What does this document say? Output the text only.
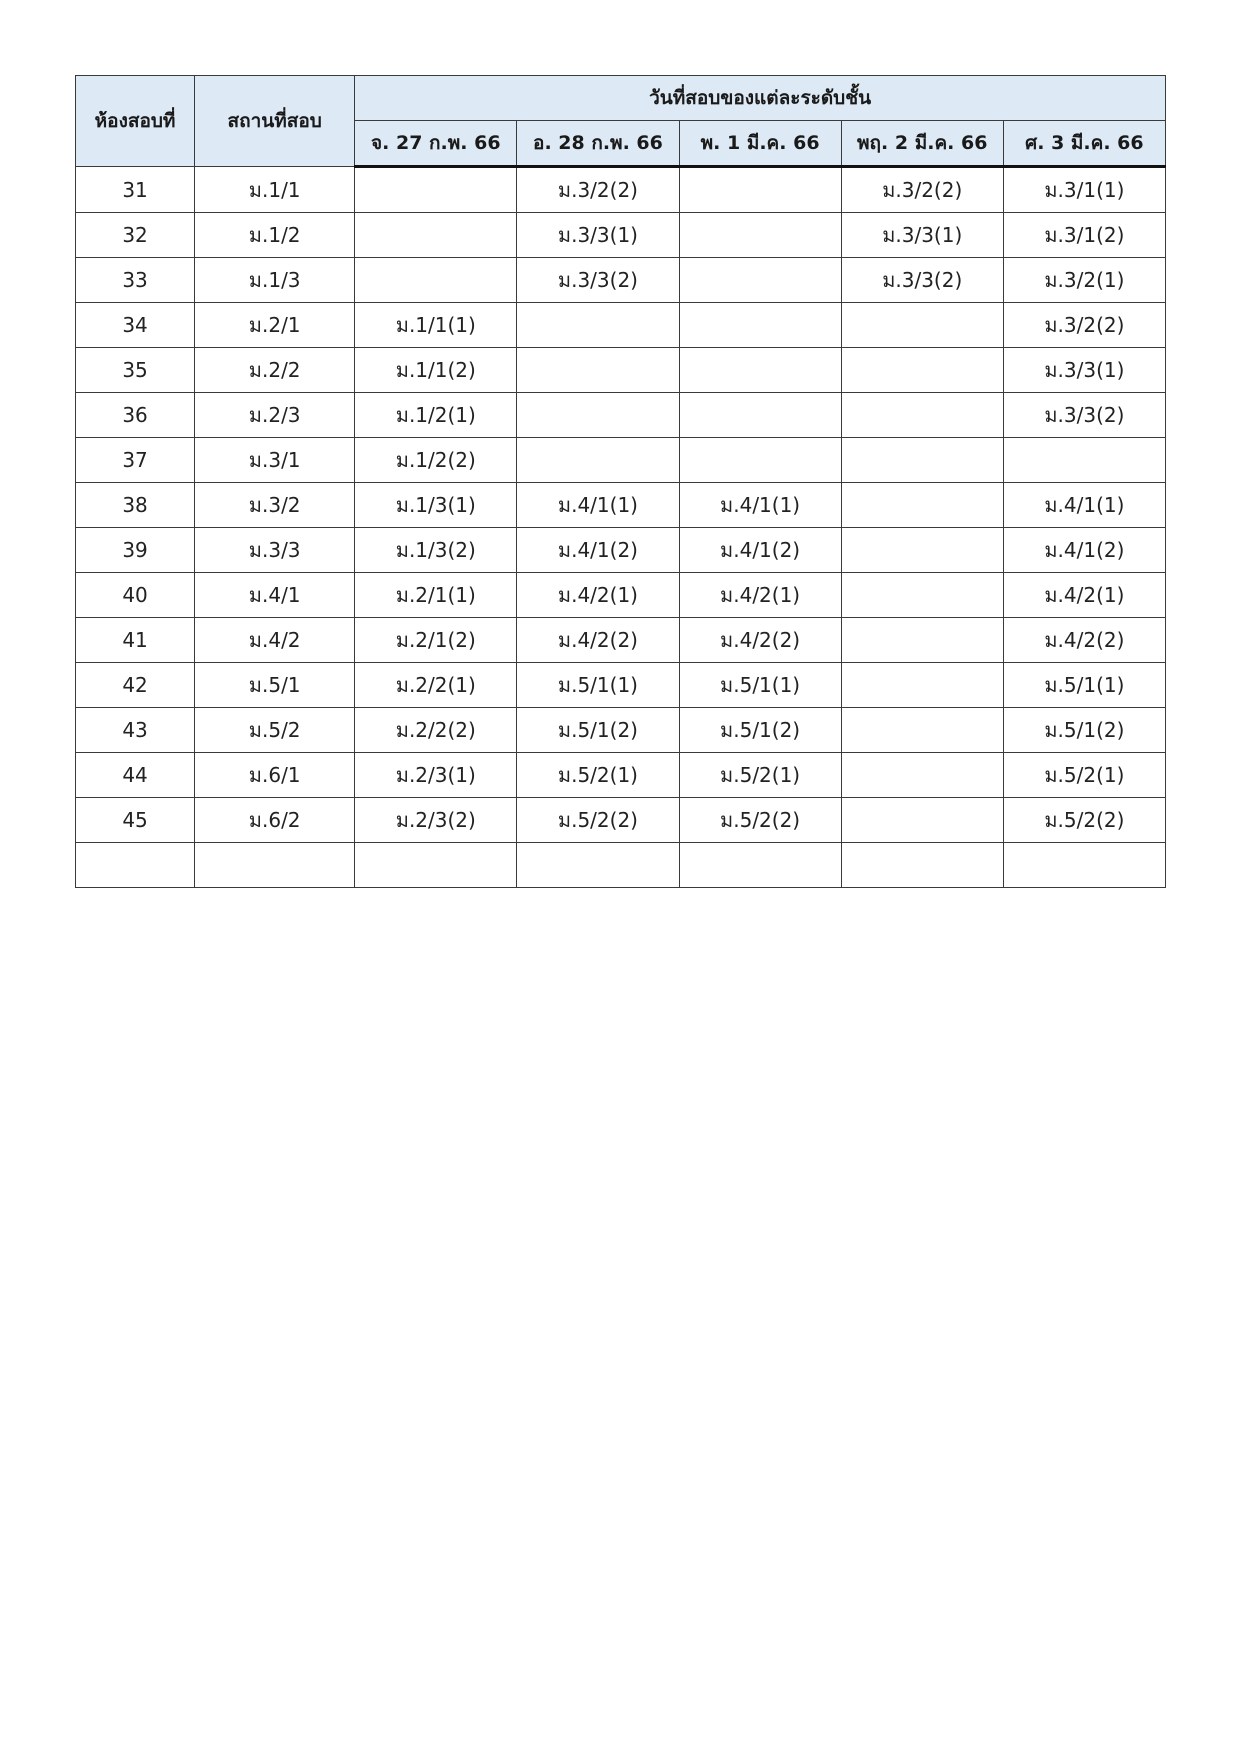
ห้องสอบที่	สถานที่สอบ	วันที่สอบของแต่ละระดับชั้น				
		จ. 27 ก.พ. 66	อ. 28 ก.พ. 66	พ. 1 มี.ค. 66	พฤ. 2 มี.ค. 66	ศ. 3 มี.ค. 66
31	ม.1/1		ม.3/2(2)		ม.3/2(2)	ม.3/1(1)
32	ม.1/2		ม.3/3(1)		ม.3/3(1)	ม.3/1(2)
33	ม.1/3		ม.3/3(2)		ม.3/3(2)	ม.3/2(1)
34	ม.2/1	ม.1/1(1)				ม.3/2(2)
35	ม.2/2	ม.1/1(2)				ม.3/3(1)
36	ม.2/3	ม.1/2(1)				ม.3/3(2)
37	ม.3/1	ม.1/2(2)				
38	ม.3/2	ม.1/3(1)	ม.4/1(1)	ม.4/1(1)		ม.4/1(1)
39	ม.3/3	ม.1/3(2)	ม.4/1(2)	ม.4/1(2)		ม.4/1(2)
40	ม.4/1	ม.2/1(1)	ม.4/2(1)	ม.4/2(1)		ม.4/2(1)
41	ม.4/2	ม.2/1(2)	ม.4/2(2)	ม.4/2(2)		ม.4/2(2)
42	ม.5/1	ม.2/2(1)	ม.5/1(1)	ม.5/1(1)		ม.5/1(1)
43	ม.5/2	ม.2/2(2)	ม.5/1(2)	ม.5/1(2)		ม.5/1(2)
44	ม.6/1	ม.2/3(1)	ม.5/2(1)	ม.5/2(1)		ม.5/2(1)
45	ม.6/2	ม.2/3(2)	ม.5/2(2)	ม.5/2(2)		ม.5/2(2)
